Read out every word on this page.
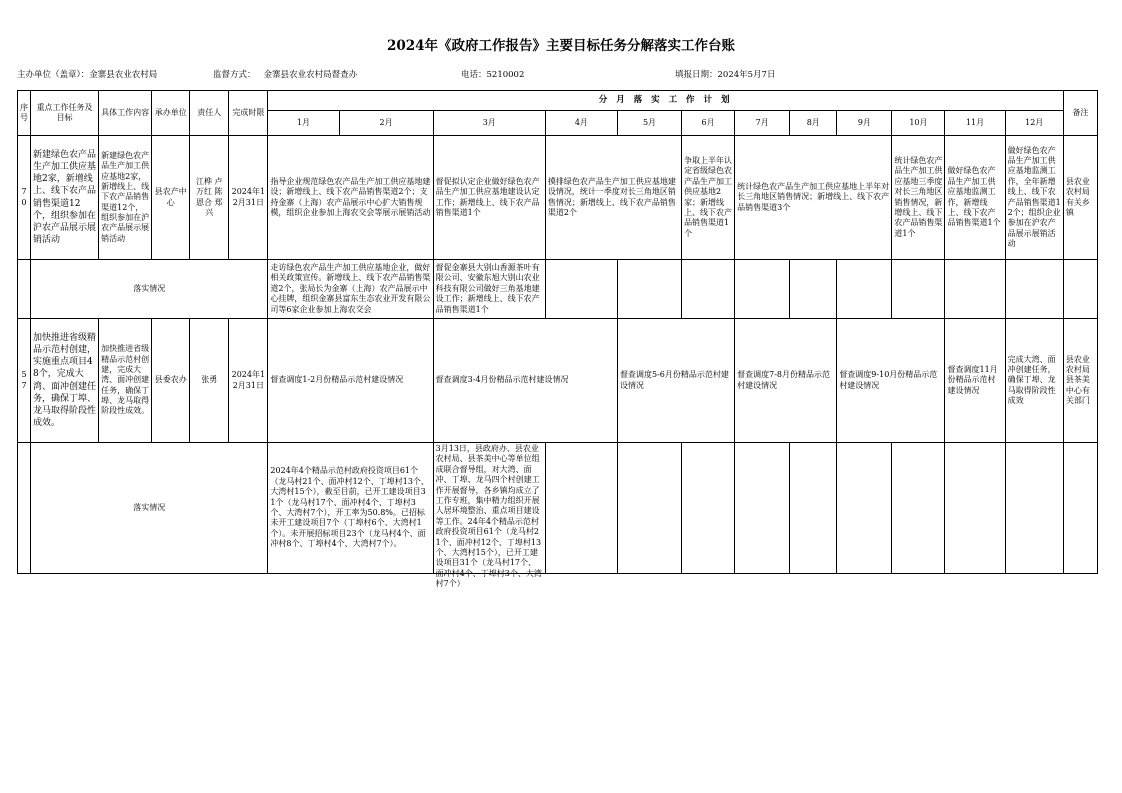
2024年《政府工作报告》主要目标任务分解落实工作台账
主办单位（盖章）：金寨县农业农村局	监督方式： 金寨县农业农村局督查办	电话：5210002	填报日期：2024年5月7日
序号	重点工作任务及目标	具体工作内容	承办单位	责任人	完成时限	分 月 落 实 工 作 计 划												备注
						1月	2月	3月	4月	5月	6月	7月	8月	9月	10月	11月	12月	
70	新建绿色农产品生产加工供应基地2家，新增线上、线下农产品销售渠道12个，组织参加在沪农产品展示展销活动	新建绿色农产品生产加工供应基地2家，新增线上、线下农产品销售渠道12个，组织参加在沪农产品展示展销活动	县农产中心	江桦 卢万红 陈恩合 郑兴	2024年12月31日	指导企业规范绿色农产品生产加工供应基地建设；新增线上、线下农产品销售渠道2个；支持金寨（上海）农产品展示中心扩大销售规模，组织企业参加上海农交会等展示展销活动		督促拟认定企业做好绿色农产品生产加工供应基地建设认定工作；新增线上、线下农产品销售渠道1个	摸排绿色农产品生产加工供应基地建设情况，统计一季度对长三角地区销售情况；新增线上、线下农产品销售渠道2个		争取上半年认定省级绿色农产品生产加工供应基地2家；新增线上、线下农产品销售渠道1个	统计绿色农产品生产加工供应基地上半年对长三角地区销售情况；新增线上、线下农产品销售渠道3个			统计绿色农产品生产加工供应基地三季度对长三角地区销售情况，新增线上、线下农产品销售渠道1个	做好绿色农产品生产加工供应基地监测工作，新增线上、线下农产品销售渠道1个	做好绿色农产品生产加工供应基地监测工作，全年新增线上、线下农产品销售渠道12个；组织企业参加在沪农产品展示展销活动	县农业农村局有关乡镇
	落实情况					走访绿色农产品生产加工供应基地企业，做好相关政策宣传。新增线上、线下农产品销售渠道2个，张局长为金寨（上海）农产品展示中心挂牌，组织金寨县富东生态农业开发有限公司等6家企业参加上海农交会		督促金寨县大别山香源茶叶有限公司、安徽东旭大别山农业科技有限公司做好三角基地建设工作；新增线上、线下农产品销售渠道1个										
57	加快推进省级精品示范村创建，实施重点项目48个，完成大湾、面冲创建任务，确保丁埠、龙马取得阶段性成效。	加快推进省级精品示范村创建，完成大湾、面冲创建任务，确保丁埠、龙马取得阶段性成效。	县委农办	张勇	2024年12月31日	督查调度1-2月份精品示范村建设情况		督查调度3-4月份精品示范村建设情况		督查调度5-6月份精品示范村建设情况		督查调度7-8月份精品示范村建设情况		督查调度9-10月份精品示范村建设情况		督查调度11月份精品示范村建设情况	完成大湾、面冲创建任务，确保丁埠、龙马取得阶段性成效	县农业农村局县茶美中心有关部门
	落实情况					2024年4个精品示范村政府投资项目61个（龙马村21个、面冲村12个、丁埠村13个、大湾村15个），截至目前，已开工建设项目31个（龙马村17个、面冲村4个、丁埠村3个、大湾村7个），开工率为50.8%。已招标未开工建设项目7个（丁埠村6个、大湾村1个）。未开展招标项目23个（龙马村4个、面冲村8个、丁埠村4个、大湾村7个）。		3月13日，县政府办、县农业农村局、县茶美中心等单位组成联合督导组，对大湾、面冲、丁埠、龙马四个村创建工作开展督导，各乡镇均成立了工作专班，集中精力组织开展人居环境整治、重点项目建设等工作。24年4个精品示范村政府投资项目61个（龙马村21个、面冲村12个、丁埠村13个、大湾村15个），已开工建设项目31个（龙马村17个、面冲村4个、丁埠村3个、大湾村7个）										
